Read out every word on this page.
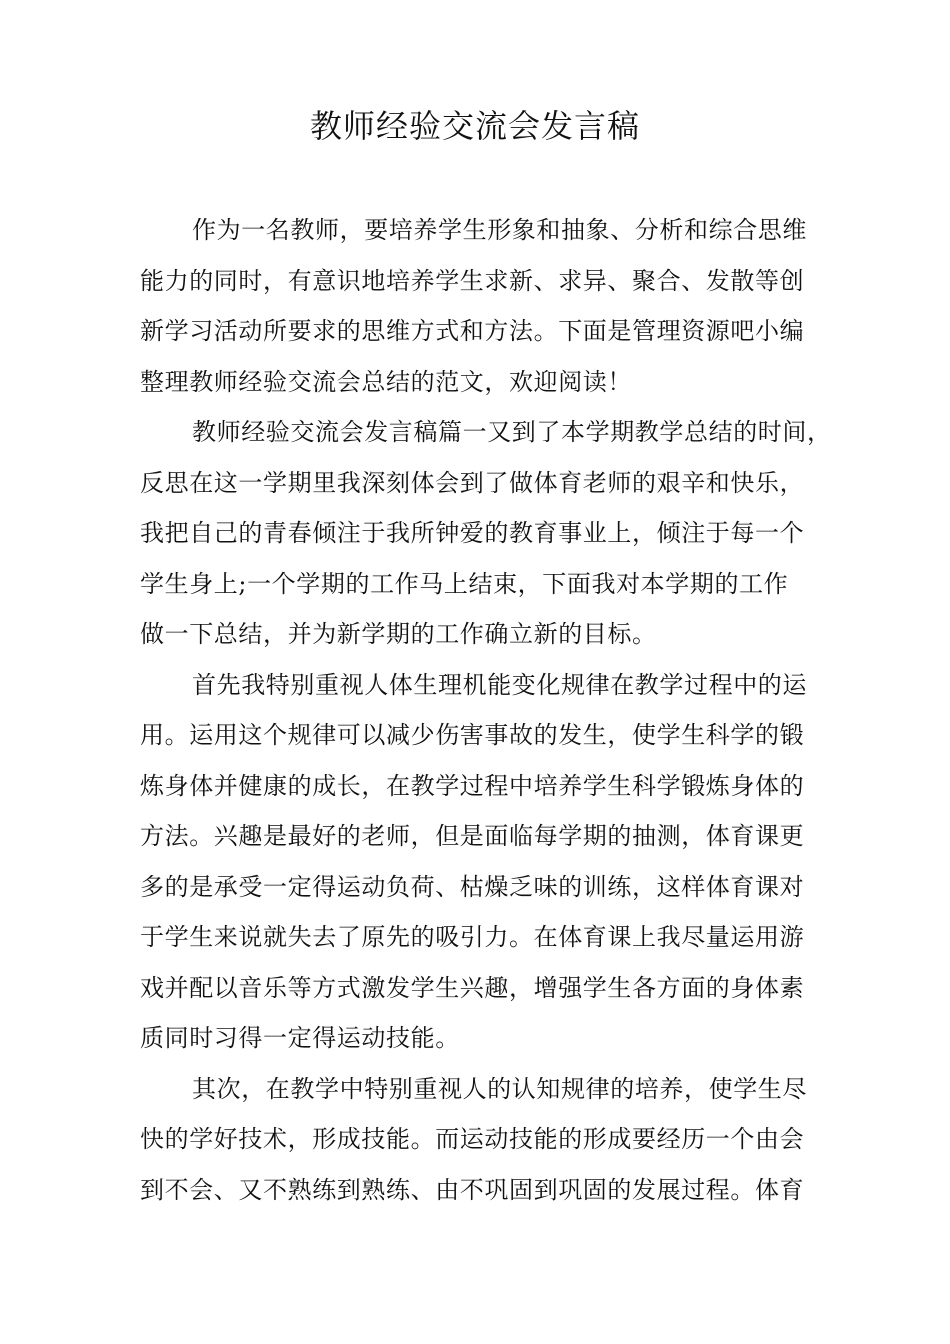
教师经验交流会发言稿
作为一名教师，要培养学生形象和抽象、分析和综合思维
能力的同时，有意识地培养学生求新、求异、聚合、发散等创
新学习活动所要求的思维方式和方法。下面是管理资源吧小编
整理教师经验交流会总结的范文，欢迎阅读！
教师经验交流会发言稿篇一又到了本学期教学总结的时间，
反思在这一学期里我深刻体会到了做体育老师的艰辛和快乐，
我把自己的青春倾注于我所钟爱的教育事业上，倾注于每一个
学生身上;一个学期的工作马上结束，下面我对本学期的工作
做一下总结，并为新学期的工作确立新的目标。
首先我特别重视人体生理机能变化规律在教学过程中的运
用。运用这个规律可以减少伤害事故的发生，使学生科学的锻
炼身体并健康的成长，在教学过程中培养学生科学锻炼身体的
方法。兴趣是最好的老师，但是面临每学期的抽测，体育课更
多的是承受一定得运动负荷、枯燥乏味的训练，这样体育课对
于学生来说就失去了原先的吸引力。在体育课上我尽量运用游
戏并配以音乐等方式激发学生兴趣，增强学生各方面的身体素
质同时习得一定得运动技能。
其次，在教学中特别重视人的认知规律的培养，使学生尽
快的学好技术，形成技能。而运动技能的形成要经历一个由会
到不会、又不熟练到熟练、由不巩固到巩固的发展过程。体育
